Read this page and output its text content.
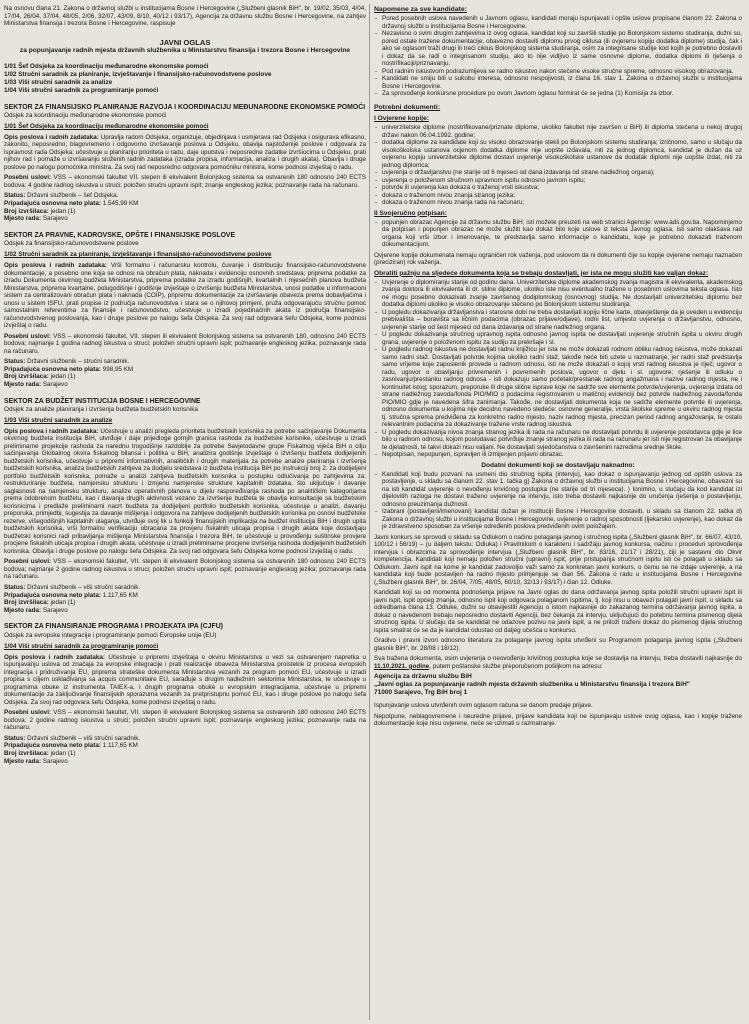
Na osnovu člana 21. Zakona o državnoj službi u institucijama Bosne i Hercegovine („Službeni glasnik BiH", br. 19/02, 35/03, 4/04, 17/04, 26/04, 37/04, 48/05, 2/06, 32/07, 43/09, 8/10, 40/12 i 93/17), Agencija za državnu službu Bosne i Hercegovine, na zahtjev Ministarstva finansija i trezora Bosne i Hercegovine, raspisuje

JAVNI OGLAS
za popunjavanje radnih mjesta državnih službenika u Ministarstvu finansija i trezora Bosne i Hercegovine
1/01 Šef Odsjeka za koordinaciju međunarodne ekonomske pomoći
1/02 Stručni saradnik za planiranje, izvještavanje i finansijsko-računovodstvene poslove
1/03 Viši stručni saradnik za analize
1/04 Viši stručni saradnik za programiranje pomoći
SEKTOR ZA FINANSIJSKO PLANIRANJE RAZVOJA I KOORDINACIJU MEĐUNARODNE EKONOMSKE POMOĆI
Odsjek za koordinaciju međunarodne ekonomske pomoći
1/01 Šef Odsjeka za koordinaciju međunarodne ekonomske pomoći

Opis poslova i radnih zadataka: Upravlja radom Odsjeka, organizuje, objedinjava i usmjerava rad Odsjeka i osigurava efikasno, zakonito, neposredno, blagovremeno i odgovorno izvršavanje poslova u Odsjeku, obavlja najsloženije poslove i odgovara za ispravnost rada Odsjeka; učestvuje u planiranju prioriteta u radu, daje uputstva i neposredne zadatke izvršiocima u Odsjeku, prati njihov rad i pomaže u izvršavanju složenih radnih zadataka (izrada propisa, informacija, analiza i drugih akata). Obavlja i druge poslove po nalogu pomoćnika ministra. Za svoj rad neposredno odgovara pomoćniku ministra, kome podnosi izvještaj o radu.

Posebni uslovi: VSS – ekonomski fakultet VII. stepen ili ekvivalent Bolonjskog sistema sa ostvarenih 180 odnosno 240 ECTS bodova; 4 godine radnog iskustva u struci; položen stručni upravni ispit; znanje engleskog jezika; poznavanje rada na računaru.

Status: Državni službenik – šef Odsjeka.
Pripadajuća osnovna neto plata: 1.545,99 KM
Broj izvršilaca: jedan (1)
Mjesto rada: Sarajevo
SEKTOR ZA PRAVNE, KADROVSKE, OPŠTE I FINANSIJSKE POSLOVE
Odsjek za finansijsko-računovodstvene poslove
1/02 Stručni saradnik za planiranje, izvještavanje i finansijsko-računovodstvene poslove

Opis poslova i radnih zadataka: Vrši formalnu i računarsku kontrolu, čuvanje i distribuciju finansijsko-računovodstvene dokumentacije, a posebno one koja se odnosi na obračun plata, naknada i evidenciju osnovnih sredstava; priprema podatke za izradu Dokumenta okvirnog budžeta Ministarstva, priprema podatke za izradu godišnjih, kvartalnih i mjesečnih planova budžeta Ministarstva, priprema kvartalne, polugodišnje i godišnje izvještaje o izvršenju budžeta Ministarstva, unosi podatke u informacioni sistem za centralizovani obračun plata i naknada (COIP), pripremu dokumentacije za izvršavanje obaveza prema dobavljačima i unosi u sistem ISFU, prati propise iz područja računovodstva i stara se o njihovoj primjeni, pruža odgovarajuću stručnu pomoć samostalnim referentima za finansije i računovodstvo, učestvuje u izradi pojedinačnih akata iz područja finansijsko-računovodstvenog poslovanja, kao i druge poslove po nalogu šefa Odsjeka. Za svoj rad odgovara šefu Odsjeka, kome podnosi izvještaj o radu.

Posebni uslovi: VSS – ekonomski fakultet, VII. stepen ili ekvivalent Bolonjskog sistema sa ostvarenih 180, odnosno 240 ECTS bodova; najmanje 1 godina radnog iskustva u struci; položen stručni upravni ispit; poznavanje engleskog jezika; poznavanje rada na računaru.

Status: Državni službenik – stručni saradnik.
Pripadajuća osnovna neto plata: 998,95 KM
Broj izvršilaca: jedan (1)
Mjesto rada: Sarajevo
SEKTOR ZA BUDŽET INSTITUCIJA BOSNE I HERCEGOVINE
Odsjek za analize planiranja i izvršenja budžeta budžetskih korisnika
1/03 Viši stručni saradnik za analize

Opis poslova i radnih zadataka: Učestvuje u analizi pregleda prioriteta budžetskih korisnika za potrebe sačinjavanje Dokumenta okvirnog budžeta institucija BiH, utvrđuje i daje prijedloge gornjih granica rashoda za budžetske korisnike, učestvuje u izradi preliminarne projekcije rashoda za narednu trogodišnje razdoblje za potrebe Savjetodavne grupe Fiskalnog vijeća BiH o cilju sačinjavanja Globalnog okvira fiskalnog bilansa i politika u BiH, analizira godišnje izvještaje o izvršenju budžeta dodijeljenih budžetskih korisnika, učestvuje u pripremi informativnih, analitičkih i drugih materijala za potrebe analize planiranja i izvršenja budžetskih korisnika, analiza budžetskih zahtjeva za dodjelu sredstava iz budžeta institucija BiH po instrukciji broj 2. za dodijeljeni portfolio budžetskih korisnika, pomaže u analizi zahtjeva budžetskih korisnika u postupku odlučivanja po zahtjevima za: restrukturiranje budžeta, namjensku strukturu i izmjenu namjenske strukture kapitalnih izdataka, što uključuje i davanje saglasnosti na namjensku strukturu, analize operativnih planova u dijelu raspoređivanja rashoda po analitičkim kategorijama prema odobrenom budžetu, kao i davanja drugih aktivnosti vezano za izvršenje budžeta te obavlja konsultacije sa budžetskim korisnicima i predlaže preliminarni nacrt budžeta za dodijeljeni portfolio budžetskih korisnika, učestvuje u analizi, davanju preporuka, primjedbi, sugestija za davanje mišljenja i odgovora na zahtjeve dodijeljenih budžetskih korisnika po osnovi budžetske rezerve, višegodišnjih kapitalnih ulaganja, utvrđuje svoj lik u funkciji finansijskih implikacija na budžet institucija BiH i drugih upita budžetskih korisnika, vrši formalnu verifikaciju obracana za provjeru fiskalnih uticaja propisa i drugih akata koje dostavljaju budžetski korisnici radi pribavljanja mišljenja Ministarstva finansija i trezora BiH, te učestvuje u provođenju suštinske provjere procjene fiskalnih uticaja propisa i drugih akata, učestvuje u izradi preliminarne procjene izvršenja rashoda dodijeljenih budžetskih korisnika. Obavlja i druge poslove po nalogu šefa Odsjeka. Za svoj rad odgovara šefu Odsjeka kome podnosi izvještaj o radu.

Posebni uslovi: VSS – ekonomski fakultet, VII. stepen ili ekvivalent Bolonjskog sistema sa ostvarenih 180 odnosno 240 ECTS bodova; najmanje 2 godine radnog iskustva u struci; položen stručni upravni ispit; poznavanje engleskog jezika; poznavanje rada na računaru.

Status: Državni službenik – viši stručni saradnik.
Pripadajuća osnovna neto plata: 1.117,65 KM
Broj izvršilaca: jedan (1)
Mjesto rada: Sarajevo
SEKTOR ZA FINANSIRANJE PROGRAMA I PROJEKATA IPA (CJFU)
Odsjek za evropske integracije i programiranje pomoći Evropske unije (EU)
1/04 Viši stručni saradnik za programiranje pomoći

Opis poslova i radnih zadataka: Učestvuje u pripremi izvještaja o okviru Ministarstva u vezi sa ostvarenjem napretka u ispunjavanju uslova od značaja za evropske integracije i prati realizacije obaveza Ministarstva proistekle iz procesa evropskih integracija i pridruživanja EU, priprema strateške dokumenta Ministarstva vezanih za program pomoći EU, učestvuje u izradi propisa s ciljem usklađivanja sa acquis communitaire EU, sarađuje s drugim nadležnim sektorima Ministarstva, te učestvuje u programima obuke iz instrumenta TAIEX-a, i drugih programa obuke u evropskim integracijama, učestvuje u pripremi dokumentacije za zaključivanje finansijskih sporazuma vezanih za pretpristupnu pomoć EU, kao i druge poslove po nalogu šefa Odsjeka. Za svoj rad odgovara šefu Odsjeka, kome podnosi izvještaj o radu.

Posebni uslovi: VSS – ekonomski fakultet, VII. stepen ili ekvivalent Bolonjskog sistema sa ostvarenih 180 odnosno 240 ECTS bodova; 2 godine radnog iskustva u struci; položen stručni upravni ispit; poznavanje engleskog jezika; poznavanje rada na računaru.

Status: Državni službenik – viši stručni saradnik.
Pripadajuća osnovna neto plata: 1.117,65 KM
Broj izvršilaca: jedan (1)
Mjesto rada: Sarajevo
Napomene za sve kandidate:
- Pored posebnih uslova navedenih u Javnom oglasu, kandidati moraju ispunjavati i opšte uslove propisane članom 22. Zakona o državnoj službi u institucijama Bosne i Hercegovine.
- Nezavisno o svim drugim zahtjevima iz ovog oglasa, kandidat koji su završili studije po Bolonjskom sistemu studiranja, dužni su, pored ostale tražene dokumentacije, obavezno dostaviti diplomu prvog ciklusa (ili ovjerenu kopiju dodatka diplome) studija, čak i ako se oglasom traži drugi ili treći ciklus Bolonjskog sistema studiranja, osim za integrisane studije kod kojih je potrebno dostaviti i dokaz da se radi o integrisanom studiju, ako to nije vidljivo iz same osnovne diplome, dodatka diplomi ili rješenja o nostrifikaciji/priznavanju.
- Pod radnim iskustvom podrazumijeva se radno iskustvo nakon stečene visoke stručne spreme, odnosno visokog obrazovanja.
- Kandidati ne smiju biti u sukobu interesa, odnosno nespojivosti, iz člana 16. stav 1. Zakona o državnoj službi u institucijama Bosne i Hercegovine.
- Za sprovođenje konkursne procedure po ovom Javnom oglasu formirat će se jedna (1) Komisija za izbor.
Potrebni dokumenti:
I Ovjerene kopije:
- univerzitetske diplome (nostrifikovane/priznate diplome, ukoliko fakultet nije završen u BiH) ili diploma stečena u nekoj drugoj državi nakon 06.04.1992. godine;
- dodatka diplome za kandidate koji su visoko obrazovanje stekli po Bolonjskom sistemu studiranja; izričnomo, samo u slučaju da visokoškolska ustanova ocjenom dodatka diplome nije uopšte izdavala, niti za jednog diplomca, kandidat je dužan da uz ovjerenu kopiju univerzitetske diplome dostavi uvjerenje visokoškolske ustanove da dodatak diplomi nije uopšte izdat, niti za jednog diplomca;
- uvjerenja o državljanstvu (ne starije od 6 mjeseci od dana izdavanja od strane nadležnog organa);
- uvjerenja o položenom stručnom upravnom ispitu odnosno javnom ispitu;
- potvrde ili uvjerenja kao dokaza o traženoj vrsti iskustva;
- dokaza o traženom nivou znanja stranog jezika;
- dokaza o traženom nivou znanja rada na računaru;
II Svojeručno potpisan:
- popunjen obrazac Agencije za državnu službu BiH; isti možete preuzeti na web stranici Agencije: www.ads.gov.ba. Napominjemo da potpisan i popunjen obrazac ne može služiti kao dokaz bilo koje uslove iz teksta Javnog oglasa, isti samo olakšava rad organa koji vrši izbor i imenovanje, te predstavlja samo informacije o kandidatu, koje je potrebno dokazati traženom dokumentacijom.

Ovjerene kopije dokumenata nemaju ograničen rok važenja, pod uslovom da ni dokumenti čije su kopije ovjerene nemaju naznačen (preciziran) rok važenja.

Obratiti pažnju na sljedeće dokumenta koja se trebaju dostavljati, jer ista ne mogu služiti kao valjan dokaz:
- Uvjerenje o diplomiranju starije od godinu dana. Univerzitetske diplome akademskog zvanja magistra ili ekvivalenta, akademskog zvanja doktora ili ekvivalenta ili dr. stilne diplome, ukoliko iste nisu eventualno tražene u posebnim uslovima teksta oglasa. Isto ne mogu posebno dokazivati zvanje završenog dodiplomskog (osnovnog) studija. Ne dostavljati univerzitetsku diplomu bez dodatka diplomi ukoliko je visoko obrazovanje stečeno po Bolonjskom sistemu studiranja.
- U pogledu dokazivanja državljanstva i starosne dobi ne treba dostavljati kopiju lične karte, obavještenje da je uveden u evidenciju prebivališta – boravišta sa ličnim podacima (obrazac prijave/odjave), rodni list, umjesto uvjerenja o državljanstvu, odnosno, uvjerenje starije od šest mjeseci od dana izdavanja od strane nadležnog organa.
- U pogledu dokazivanja stručnog upravnog ispita odnosno javnog ispita ne dostavljati uvjerenje stručnih ispita u okviru drugih grana, uvjerenje o položenom ispitu za sudiju za prekršaje i sl.
- U pogledu radnog iskustva ne dostavljati radnu knjižicu jer ista ne može dokazati rodnom obliku radnog iskustva, može dokazati samo radni staž. Dostavljati potvrde kojima ukoliko radni staž, takođe neće biti uzete u razmatranje, jer radni staž predstavlja samo vrijeme koje zaposlenik provede u radnom odnosu, isti ne može dokazati o kojoj vrsti radnog iskustva je riječ; ugovor o radu, ugovor o obavljanju privremenih i povremenih poslova, ugovor o djelu i sl. ugovore; rješenje ili odluku o zasnivanju/prestanku radnog odnosa - isti dokazuju samo početak/prestanak radnog angažmana i nazive radnog mjesta, ne i kontinuitet istog; sporazum, preporuke ili druge slične isprave koje ne sadrže sve elemente potvrde/uvjerenja, uvjerenja izdata od strane nadležnog zavoda/fonda PIO/MIO o podacima registrovanim u matičnoj evidenciji bez potvrde nadležnog zavoda/fonda PIO/MIO gdje je navedena šifra zanimanja. Takođe, ne dostavljati dokumenta koja ne sadrže elemente potvrde ili uvjerenja, odnosno dokumenta u kojima nije decidno navedeno sledeće: osnovne generalije, vrsta školske spreme u okviru radnog mjesta tj. stručna sprema predviđena za konkretno radno mjesto, naziv radnog mjesta, precizan period radnog angažovanja, te ostalo relevantnim podacima za dokazivanje tražene vrste radnog iskustva.
- U pogledu dokazivanja nivoa znanja stranog jezika ili rada na računaru ne dostavljati potvrdu ili uvjerenje poslodavca gdje je lice bilo u radnom odnosu, kojom poslodavac potvrđuje znanje stranog jezika ili rada na računaru jer isti nije registrovan za obavljanje te djelatnosti, te takvi dokazi nisu valjani. Ne dostavljati svjedočanstva o završenim razredima srednje škole.
- Nepotpisan, nepopunjen, ispravljen ili izmijenjen prijavni obrazac.
Dodatni dokumenti koji se dostavljaju naknadno:
- Kandidati koji budu pozvani na usmeni dio stručnog ispita (intervju), kao dokaz o ispunjavanju jednog od opštih uslova za postavljenje, u skladu sa članom 22. stav 1. tačka g) Zakona o državnoj službi u institucijama Bosne i Hercegovine, obavezni su na isti kandidat uvjerenje o nevođenju krivičnog postupka (ne starije od tri mjeseca). ) Ionimno, u slučaju da kod kandidat izi dijelovitih razloga ne dostavi traženo uvjerenje na intervju, isto treba dostaviti najkasnije do uručenja rješenja o postavljenju, odnosno preuzimanja dužnosti.
- Izabrani (postavljeni/imenovani) kandidat dužan je instituciji Bosne i Hercegovine dostaviti, u skladu sa članom 22. tačka d) Zakona o državnoj službi u institucijama Bosne i Hercegovine, uvjerenje o radnoj sposobnosti (ljekarsko uvjerenje), kao dokaz da je zdravstveno sposoban za vršenje određenih poslova predviđenih ovim položajem.

Javni konkurs se sprovodi u skladu sa Odlukom o načinu polaganja javnog i stručnog ispita („Službeni glasnik BiH", br. 66/07, 43/10, 100/12 i 56/19) – (u daljem tekstu: Odluka) i Pravilnikom o karakteru i sadržaju javnog konkursa, načinu i proceduri sprovođenja intervjua i obrazcima za sprovođenje intervjua („Službeni glasnik BiH", br. 83/16, 21/17 i 28/21), čiji je sastavni dio Okvir kompetencija. Kandidati koji nemaju položen stručni (upravni) ispit, prije pristupanja stručnom ispitu isti će polagati u skladu sa Odlukom. Javni ispit na kome je kandidat zadovoljio važi samo za konkretan javni konkurs, o čemu se ne izdaje uvjerenje, a na kandidata koji bude postavljen na radno mjesto primjenjuje se član 56. Zakona o radu u institucijama Bosne i Hercegovine („Službeni glasnik BiH", br. 26/04, 7/05, 48/05, 60/10, 32/13 i 93/17) i član 12. Odluke.

Kandidati koji su od momenta podnošenja prijave na Javni oglas do dana održavanja javnog ispita položili stručni upravni ispit ili javni ispit, ispit općeg znanja, odnosno ispit koji odgovara polaganom ispitima, tj. koji nisu u obavezi polagati javni ispit, u skladu sa odredbama člana 13. Odluke, dužni su obavijestiti Agenciju o istom najkasnije do zakazanog termina održavanja javnog ispita, a dokaz o navedenom trebaju neposredno dostaviti Agenciji, bez čekanja za intervju, uključujući do potebnu termina pismenog dijela stručnog ispita. U slučaju da se kandidat ne odazove pozivu na javni ispit, a ne priloži traženi dokaz do pismenog dijela stručnog ispita smatrat će se da je kandidat odustao od daljeg učešća u konkursu.

Gradivo i pravni izvori odnosno literatura za polaganje javnog ispita utvrđeni su Programom polaganja javnog ispita („Službeni glasnik BiH", br. 28/08 i 18/12).

Sva tražena dokumenta, osim uvjerenja o neovođenju krivičnog postupka koje se dostavlja na intervju, treba dostaviti najkasnije do 11.10.2021. godine, putem poštanske službe preporučenom pošiljkom na adresu:

Agencija za državnu službu BiH
„Javni oglas za popunjavanje radnih mjesta državnih službenika u Ministarstvu finansija i trezora BiH"
71000 Sarajevo, Trg BiH broj 1

Ispunjavanje uslova utvrđenih ovim oglasom računa se danom predaje prijave.

Nepotpune, neblagovremene i neuredne prijave, prijave kandidata koji ne ispunjavaju uslove ovog oglasa, kao i kopije tražene dokumentacije koje nisu ovjerene, neće se uzimati u razmatranje.
